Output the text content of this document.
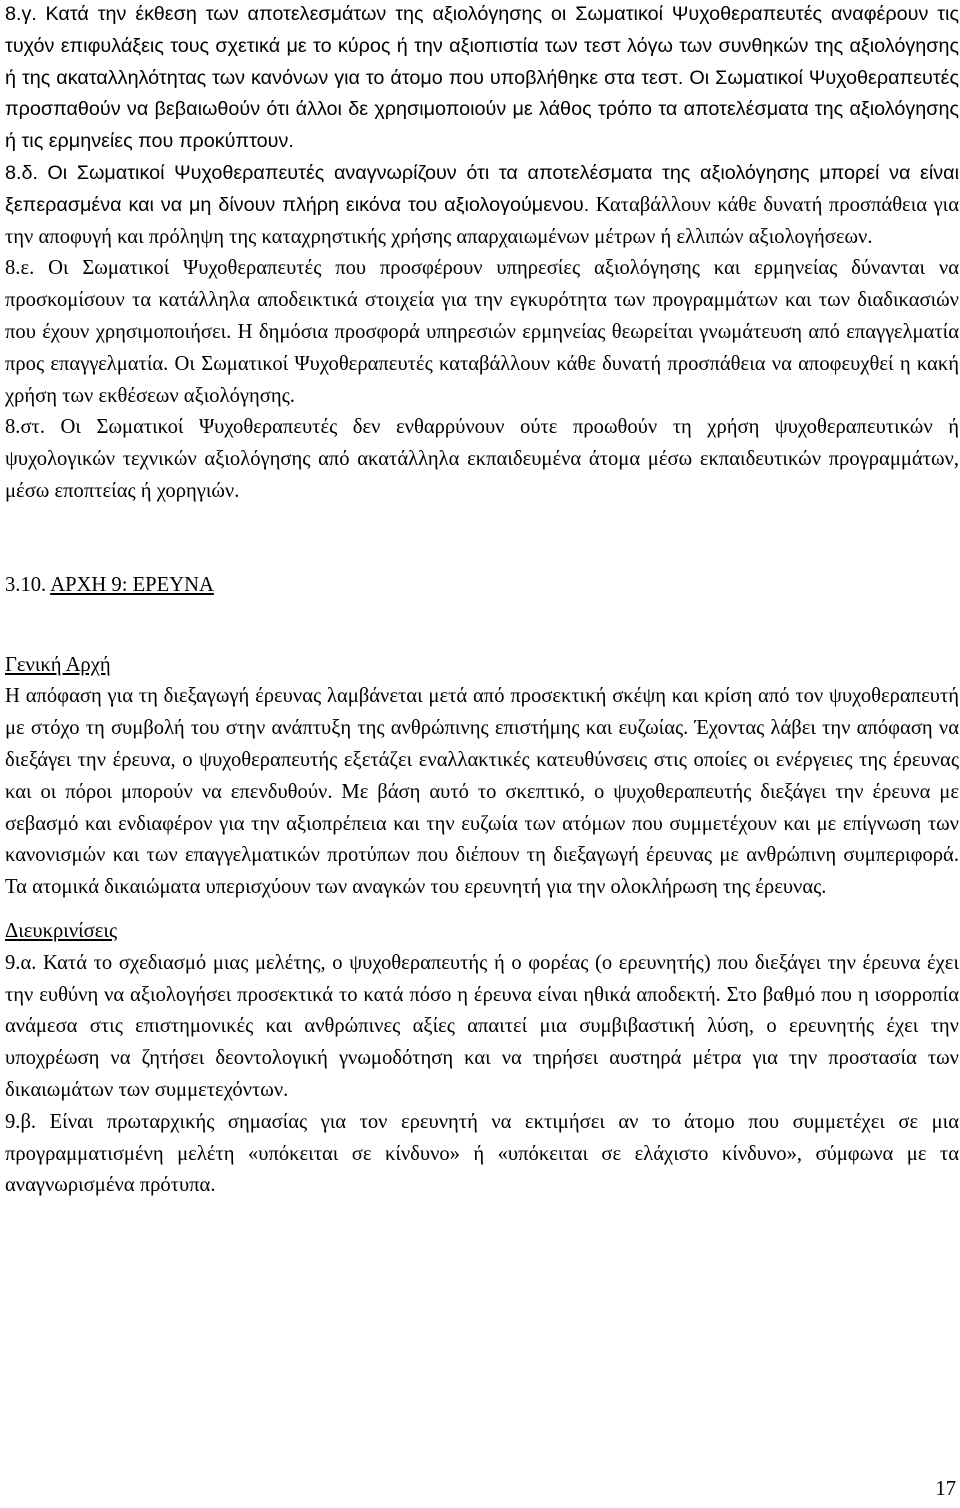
8.γ. Κατά την έκθεση των αποτελεσμάτων της αξιολόγησης οι Σωματικοί Ψυχοθεραπευτές αναφέρουν τις τυχόν επιφυλάξεις τους σχετικά με το κύρος ή την αξιοπιστία των τεστ λόγω των συνθηκών της αξιολόγησης ή της ακαταλληλότητας των κανόνων για το άτομο που υποβλήθηκε στα τεστ. Οι Σωματικοί Ψυχοθεραπευτές προσπαθούν να βεβαιωθούν ότι άλλοι δε χρησιμοποιούν με λάθος τρόπο τα αποτελέσματα της αξιολόγησης ή τις ερμηνείες που προκύπτουν.

8.δ. Οι Σωματικοί Ψυχοθεραπευτές αναγνωρίζουν ότι τα αποτελέσματα της αξιολόγησης μπορεί να είναι ξεπερασμένα και να μη δίνουν πλήρη εικόνα του αξιολογούμενου. Καταβάλλουν κάθε δυνατή προσπάθεια για την αποφυγή και πρόληψη της καταχρηστικής χρήσης απαρχαιωμένων μέτρων ή ελλιπών αξιολογήσεων.

8.ε. Οι Σωματικοί Ψυχοθεραπευτές που προσφέρουν υπηρεσίες αξιολόγησης και ερμηνείας δύνανται να προσκομίσουν τα κατάλληλα αποδεικτικά στοιχεία για την εγκυρότητα των προγραμμάτων και των διαδικασιών που έχουν χρησιμοποιήσει. Η δημόσια προσφορά υπηρεσιών ερμηνείας θεωρείται γνωμάτευση από επαγγελματία προς επαγγελματία. Οι Σωματικοί Ψυχοθεραπευτές καταβάλλουν κάθε δυνατή προσπάθεια να αποφευχθεί η κακή χρήση των εκθέσεων αξιολόγησης.

8.στ. Οι Σωματικοί Ψυχοθεραπευτές δεν ενθαρρύνουν ούτε προωθούν τη χρήση ψυχοθεραπευτικών ή ψυχολογικών τεχνικών αξιολόγησης από ακατάλληλα εκπαιδευμένα άτομα μέσω εκπαιδευτικών προγραμμάτων, μέσω εποπτείας ή χορηγιών.

3.10. ΑΡΧΗ 9: ΕΡΕΥΝΑ

Γενική Αρχή

Η απόφαση για τη διεξαγωγή έρευνας λαμβάνεται μετά από προσεκτική σκέψη και κρίση από τον ψυχοθεραπευτή με στόχο τη συμβολή του στην ανάπτυξη της ανθρώπινης επιστήμης και ευζωίας. Έχοντας λάβει την απόφαση να διεξάγει την έρευνα, ο ψυχοθεραπευτής εξετάζει εναλλακτικές κατευθύνσεις στις οποίες οι ενέργειες της έρευνας και οι πόροι μπορούν να επενδυθούν. Με βάση αυτό το σκεπτικό, ο ψυχοθεραπευτής διεξάγει την έρευνα με σεβασμό και ενδιαφέρον για την αξιοπρέπεια και την ευζωία των ατόμων που συμμετέχουν και με επίγνωση των κανονισμών και των επαγγελματικών προτύπων που διέπουν τη διεξαγωγή έρευνας με ανθρώπινη συμπεριφορά. Τα ατομικά δικαιώματα υπερισχύουν των αναγκών του ερευνητή για την ολοκλήρωση της έρευνας.

Διευκρινίσεις

9.α. Κατά το σχεδιασμό μιας μελέτης, ο ψυχοθεραπευτής ή ο φορέας (ο ερευνητής) που διεξάγει την έρευνα έχει την ευθύνη να αξιολογήσει προσεκτικά το κατά πόσο η έρευνα είναι ηθικά αποδεκτή. Στο βαθμό που η ισορροπία ανάμεσα στις επιστημονικές και ανθρώπινες αξίες απαιτεί μια συμβιβαστική λύση, ο ερευνητής έχει την υποχρέωση να ζητήσει δεοντολογική γνωμοδότηση και να τηρήσει αυστηρά μέτρα για την προστασία των δικαιωμάτων των συμμετεχόντων.

9.β. Είναι πρωταρχικής σημασίας για τον ερευνητή να εκτιμήσει αν το άτομο που συμμετέχει σε μια προγραμματισμένη μελέτη «υπόκειται σε κίνδυνο» ή «υπόκειται σε ελάχιστο κίνδυνο», σύμφωνα με τα αναγνωρισμένα πρότυπα.

17
